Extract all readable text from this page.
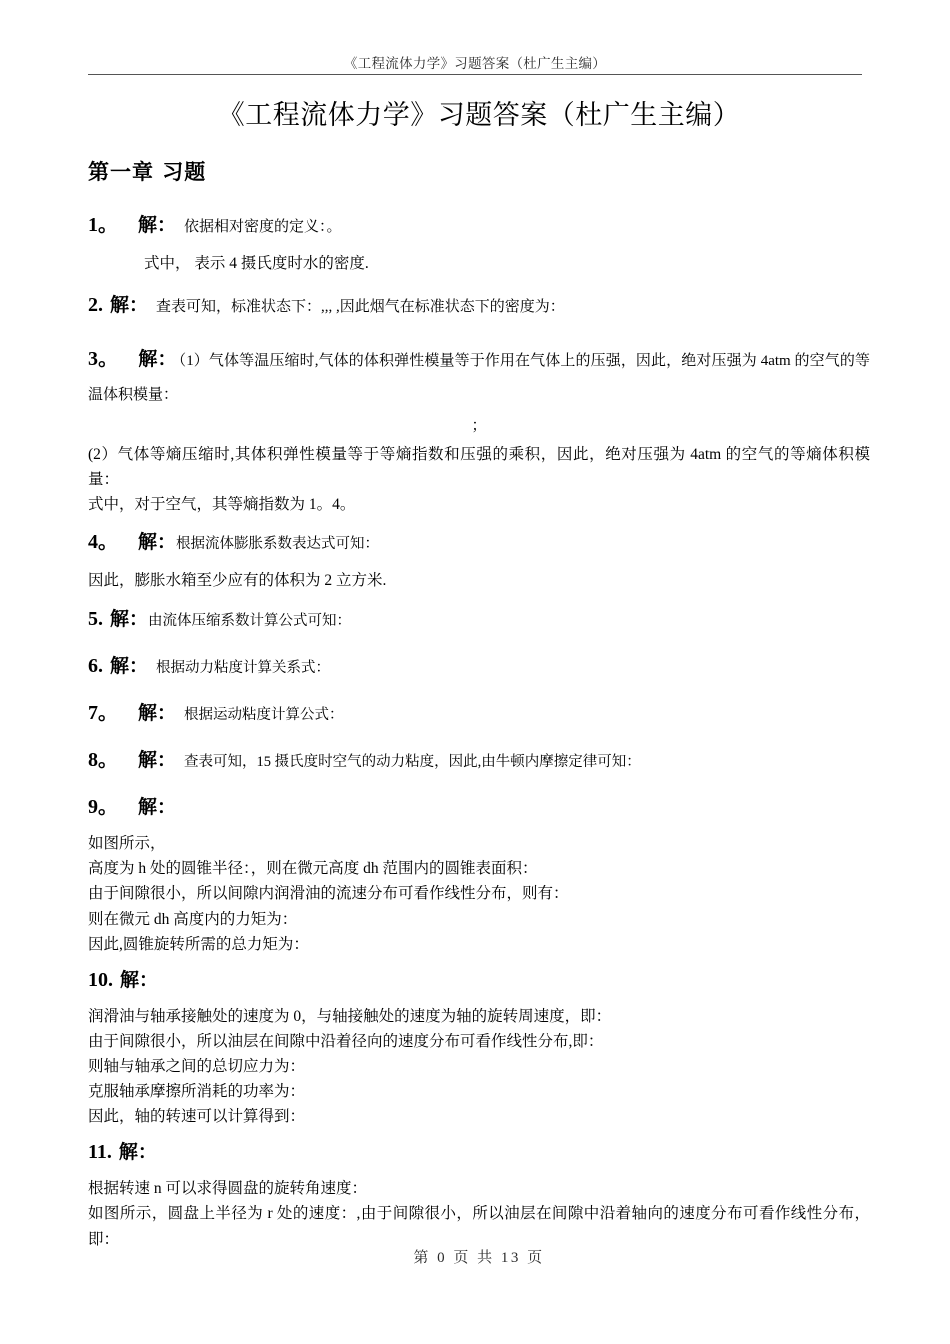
《工程流体力学》习题答案（杜广生主编）
《工程流体力学》习题答案（杜广生主编）
第一章 习题
1。 解： 依据相对密度的定义：。
式中， 表示 4 摄氏度时水的密度.
2. 解： 查表可知，标准状态下：,,, ,因此烟气在标准状态下的密度为：
3。 解： （1）气体等温压缩时,气体的体积弹性模量等于作用在气体上的压强，因此，绝对压强为 4atm 的空气的等温体积模量：
；
(2）气体等熵压缩时,其体积弹性模量等于等熵指数和压强的乘积，因此，绝对压强为 4atm 的空气的等熵体积模量：
式中，对于空气，其等熵指数为 1。4。
4。 解：根据流体膨胀系数表达式可知：
因此，膨胀水箱至少应有的体积为 2 立方米.
5. 解：由流体压缩系数计算公式可知：
6. 解： 根据动力粘度计算关系式：
7。 解： 根据运动粘度计算公式：
8。 解： 查表可知，15 摄氏度时空气的动力粘度，因此,由牛顿内摩擦定律可知：
9。 解：
如图所示，
高度为 h 处的圆锥半径：，则在微元高度 dh 范围内的圆锥表面积：
由于间隙很小，所以间隙内润滑油的流速分布可看作线性分布，则有：
则在微元 dh 高度内的力矩为：
因此,圆锥旋转所需的总力矩为：
10. 解：
润滑油与轴承接触处的速度为 0，与轴接触处的速度为轴的旋转周速度，即：
由于间隙很小，所以油层在间隙中沿着径向的速度分布可看作线性分布,即：
则轴与轴承之间的总切应力为：
克服轴承摩擦所消耗的功率为：
因此，轴的转速可以计算得到：
11. 解：
根据转速 n 可以求得圆盘的旋转角速度：
如图所示，圆盘上半径为 r 处的速度：,由于间隙很小，所以油层在间隙中沿着轴向的速度分布可看作线性分布，即：
第 0 页 共 13 页
